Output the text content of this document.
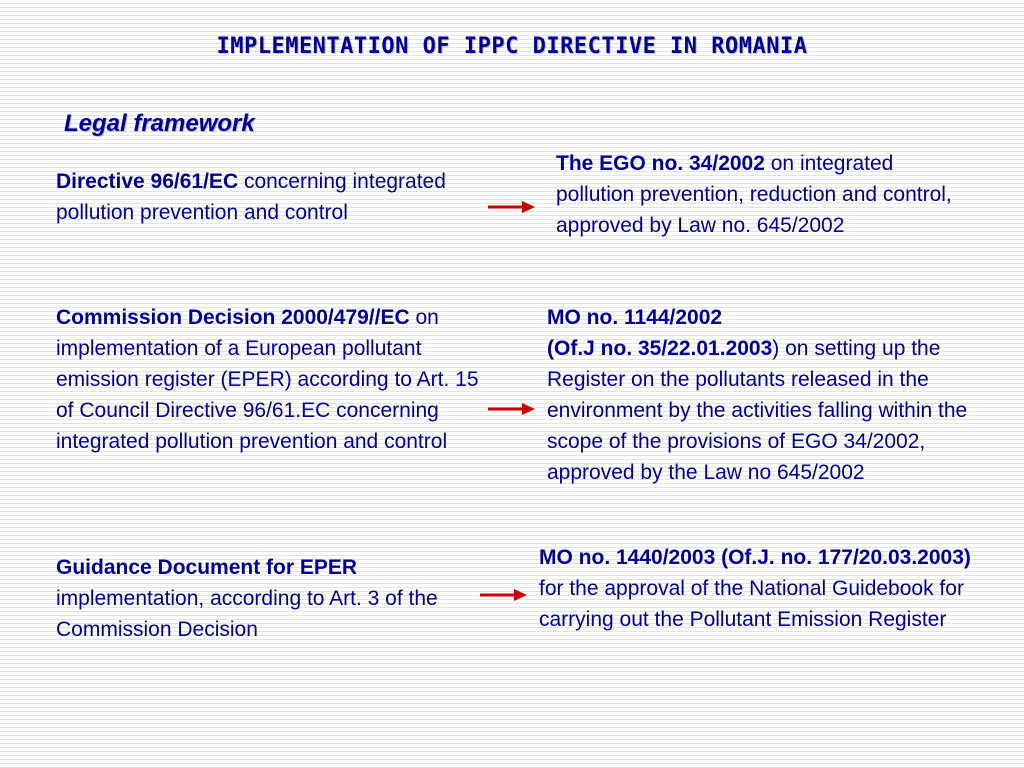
IMPLEMENTATION OF IPPC DIRECTIVE IN ROMANIA
Legal framework
Directive 96/61/EC concerning integrated pollution prevention and control
The EGO no. 34/2002 on integrated pollution prevention, reduction and control, approved by Law no. 645/2002
Commission Decision 2000/479//EC on implementation of a European pollutant emission register (EPER) according to Art. 15 of Council Directive 96/61.EC concerning integrated pollution prevention and control
MO no. 1144/2002
(Of.J no. 35/22.01.2003) on setting up the Register on the pollutants released in the environment by the activities falling within the scope of the provisions of EGO 34/2002, approved by the Law no 645/2002
Guidance Document for EPER implementation, according to Art. 3 of the Commission Decision
MO no. 1440/2003 (Of.J. no. 177/20.03.2003) for the approval of the National Guidebook for carrying out the Pollutant Emission Register
